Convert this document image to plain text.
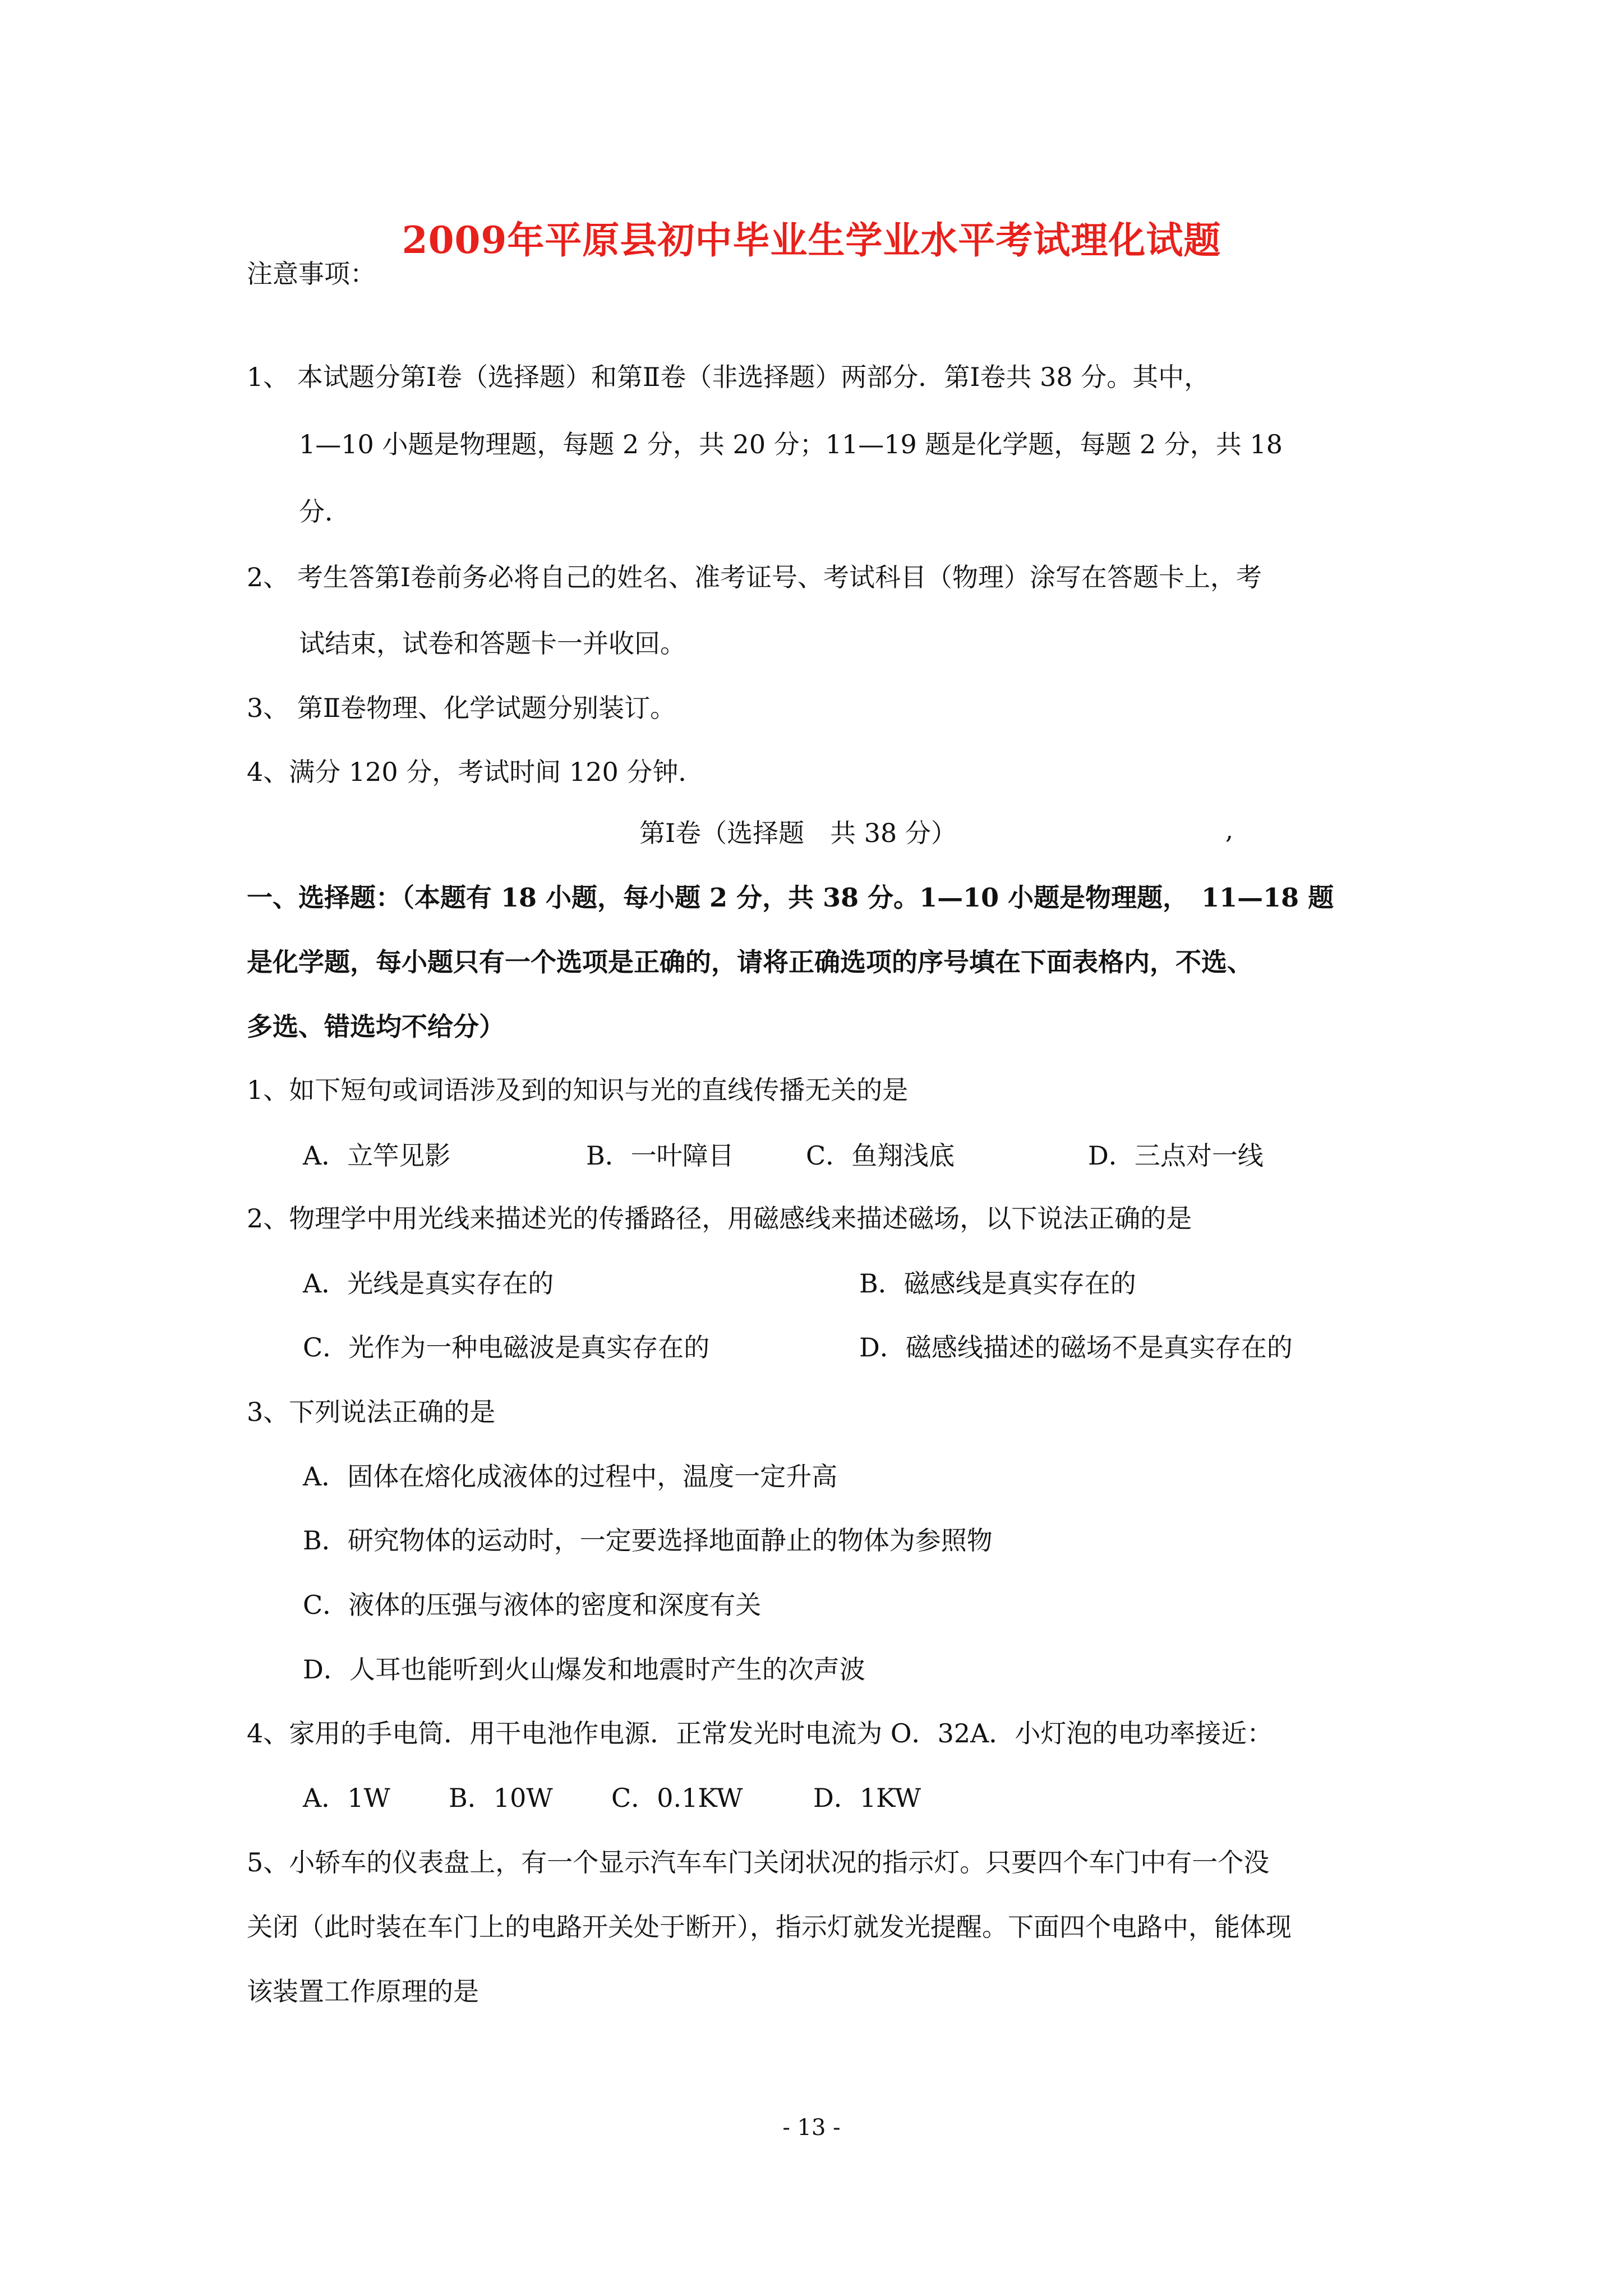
2009年平原县初中毕业生学业水平考试理化试题
注意事项：
1、 本试题分第Ⅰ卷（选择题）和第Ⅱ卷（非选择题）两部分．第Ⅰ卷共 38 分。其中，
1—10 小题是物理题，每题 2 分，共 20 分；11—19 题是化学题，每题 2 分，共 18
分．
2、 考生答第Ⅰ卷前务必将自己的姓名、准考证号、考试科目（物理）涂写在答题卡上，考
试结束，试卷和答题卡一并收回。
3、 第Ⅱ卷物理、化学试题分别装订。
4、满分 120 分，考试时间 120 分钟．
第Ⅰ卷（选择题　共 38 分）	,
一、选择题：（本题有 18 小题，每小题 2 分，共 38 分。1—10 小题是物理题，　11—18 题
是化学题，每小题只有一个选项是正确的，请将正确选项的序号填在下面表格内，不选、
多选、错选均不给分）
1、如下短句或词语涉及到的知识与光的直线传播无关的是
A．立竿见影	B．一叶障目	C．鱼翔浅底	D．三点对一线
2、物理学中用光线来描述光的传播路径，用磁感线来描述磁场，以下说法正确的是
A．光线是真实存在的	B．磁感线是真实存在的
C．光作为一种电磁波是真实存在的	D．磁感线描述的磁场不是真实存在的
3、下列说法正确的是
A．固体在熔化成液体的过程中，温度一定升高
B．研究物体的运动时，一定要选择地面静止的物体为参照物
C．液体的压强与液体的密度和深度有关
D．人耳也能听到火山爆发和地震时产生的次声波
4、家用的手电筒．用干电池作电源．正常发光时电流为 O．32A．小灯泡的电功率接近：
A．1W B．10W C．0.1KW	D．1KW
5、小轿车的仪表盘上，有一个显示汽车车门关闭状况的指示灯。只要四个车门中有一个没
关闭（此时装在车门上的电路开关处于断开），指示灯就发光提醒。下面四个电路中，能体现
该装置工作原理的是
- 13 -
